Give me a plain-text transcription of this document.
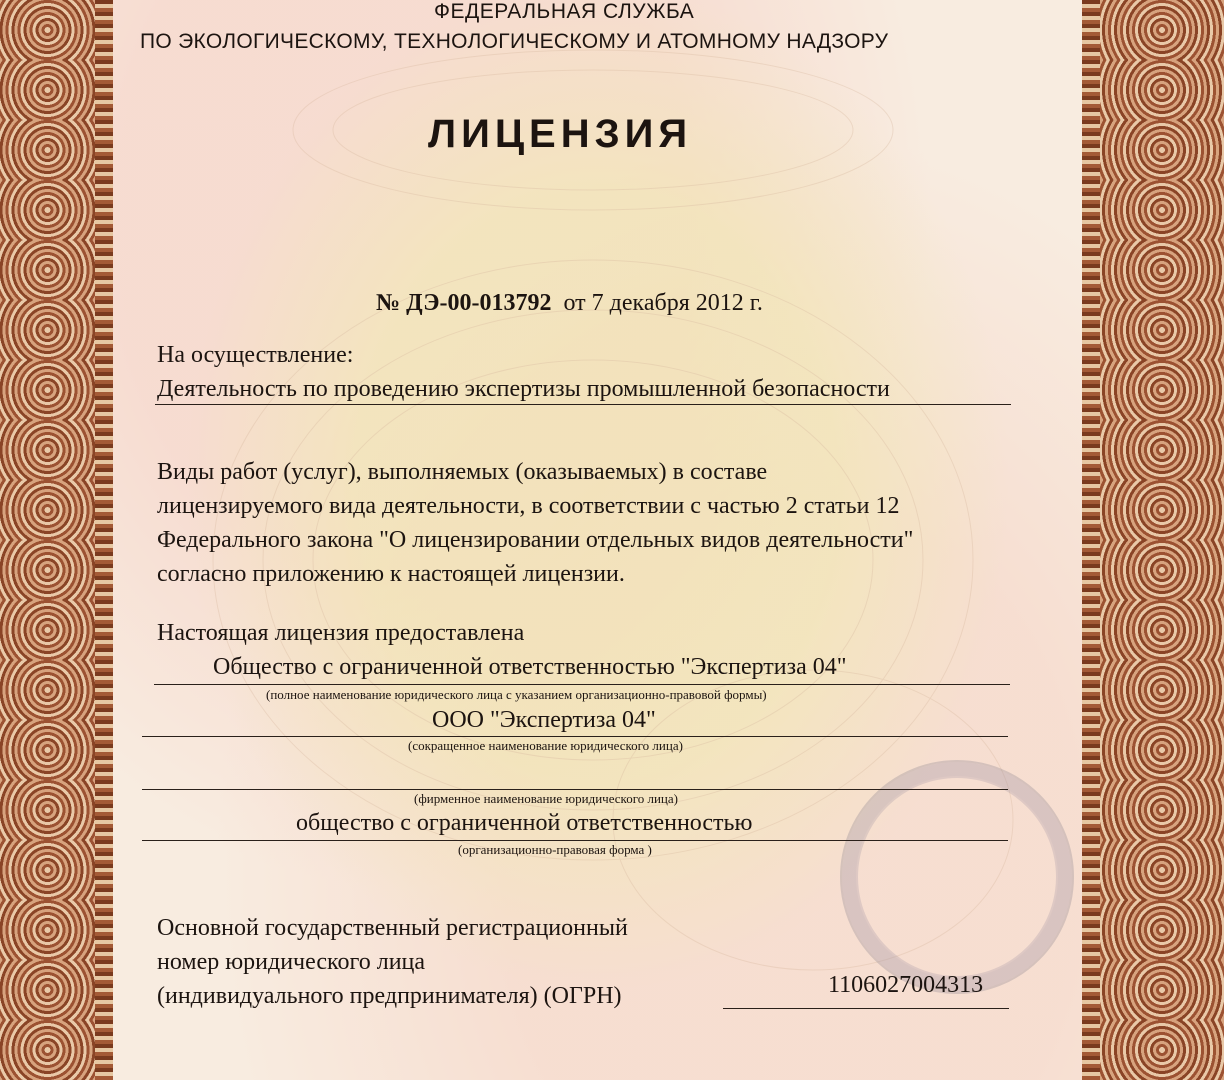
ФЕДЕРАЛЬНАЯ СЛУЖБА
ПО ЭКОЛОГИЧЕСКОМУ, ТЕХНОЛОГИЧЕСКОМУ И АТОМНОМУ НАДЗОРУ
ЛИЦЕНЗИЯ
№ ДЭ-00-013792 от 7 декабря 2012 г.
На осуществление:
Деятельность по проведению экспертизы промышленной безопасности
Виды работ (услуг), выполняемых (оказываемых) в составе
лицензируемого вида деятельности, в соответствии с частью 2 статьи 12
Федерального закона "О лицензировании отдельных видов деятельности"
согласно приложению к настоящей лицензии.
Настоящая лицензия предоставлена
Общество с ограниченной ответственностью "Экспертиза 04"
(полное наименование юридического лица с указанием организационно-правовой формы)
ООО "Экспертиза 04"
(сокращенное наименование юридического лица)
(фирменное наименование юридического лица)
общество с ограниченной ответственностью
(организационно-правовая форма )
Основной государственный регистрационный
номер юридического лица
(индивидуального предпринимателя) (ОГРН)	1106027004313
